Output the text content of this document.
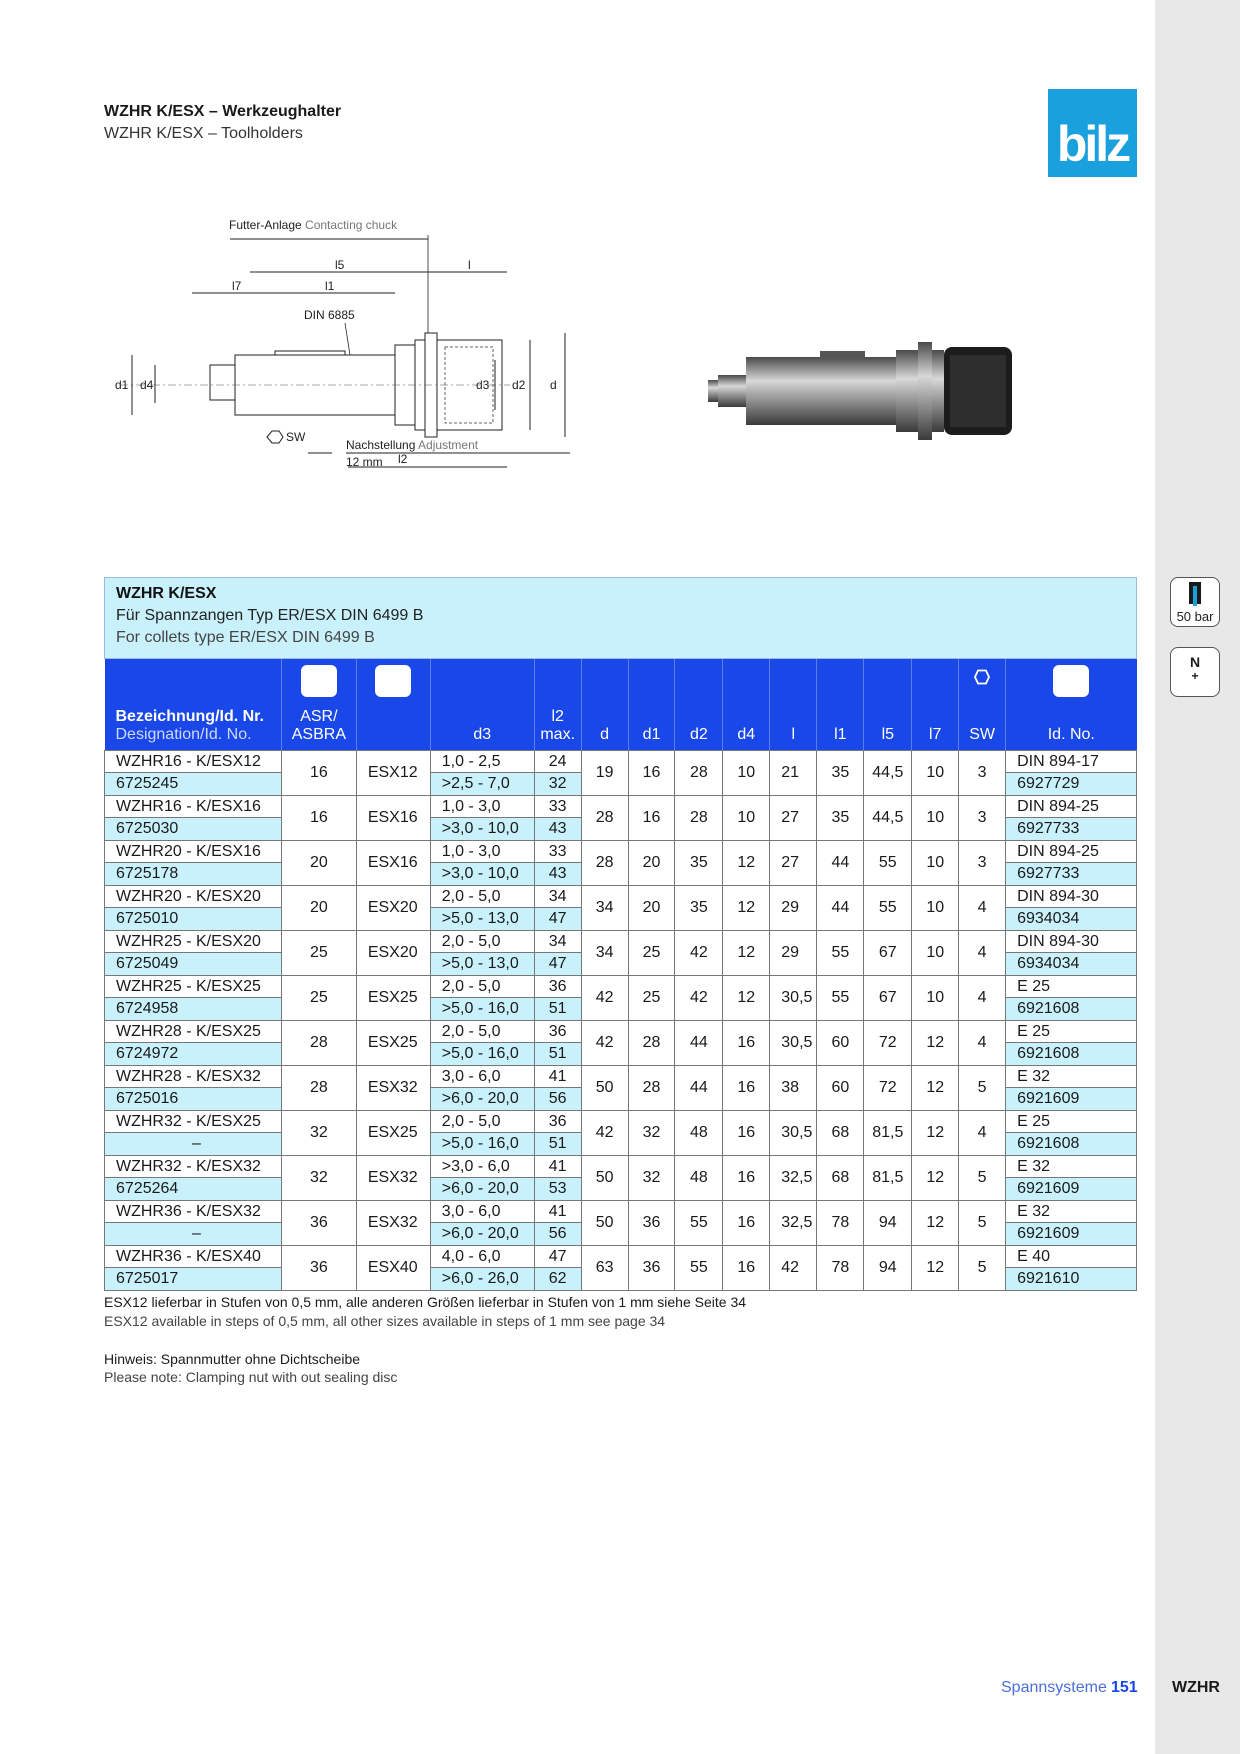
bilz
WZHR K/ESX – Werkzeughalter
WZHR K/ESX – Toolholders
Futter-Anlage Contacting chuck
l5	l
l7	l1
DIN 6885
d1 d4	d3 d2 d
l2
SW
Nachstellung Adjustment
12 mm
50 bar
N
+
WZHR K/ESX
Für Spannzangen Typ ER/ESX DIN 6499 B
For collets type ER/ESX DIN 6499 B
Bezeichnung/Id. Nr.
Designation/Id. No.	ASR/
ASBRA		d3	l2
max.	d	d1	d2	d4	l	l1	l5	l7	SW	Id. No.
WZHR16 - K/ESX12	16	ESX12	1,0 - 2,5	24	19	16	28	10	21	35	44,5	10	3	DIN 894-17
6725245			>2,5 - 7,0	32										6927729
WZHR16 - K/ESX16	16	ESX16	1,0 - 3,0	33	28	16	28	10	27	35	44,5	10	3	DIN 894-25
6725030			>3,0 - 10,0	43										6927733
WZHR20 - K/ESX16	20	ESX16	1,0 - 3,0	33	28	20	35	12	27	44	55	10	3	DIN 894-25
6725178			>3,0 - 10,0	43										6927733
WZHR20 - K/ESX20	20	ESX20	2,0 - 5,0	34	34	20	35	12	29	44	55	10	4	DIN 894-30
6725010			>5,0 - 13,0	47										6934034
WZHR25 - K/ESX20	25	ESX20	2,0 - 5,0	34	34	25	42	12	29	55	67	10	4	DIN 894-30
6725049			>5,0 - 13,0	47										6934034
WZHR25 - K/ESX25	25	ESX25	2,0 - 5,0	36	42	25	42	12	30,5	55	67	10	4	E 25
6724958			>5,0 - 16,0	51										6921608
WZHR28 - K/ESX25	28	ESX25	2,0 - 5,0	36	42	28	44	16	30,5	60	72	12	4	E 25
6724972			>5,0 - 16,0	51										6921608
WZHR28 - K/ESX32	28	ESX32	3,0 - 6,0	41	50	28	44	16	38	60	72	12	5	E 32
6725016			>6,0 - 20,0	56										6921609
WZHR32 - K/ESX25	32	ESX25	2,0 - 5,0	36	42	32	48	16	30,5	68	81,5	12	4	E 25
–			>5,0 - 16,0	51										6921608
WZHR32 - K/ESX32	32	ESX32	>3,0 - 6,0	41	50	32	48	16	32,5	68	81,5	12	5	E 32
6725264			>6,0 - 20,0	53										6921609
WZHR36 - K/ESX32	36	ESX32	3,0 - 6,0	41	50	36	55	16	32,5	78	94	12	5	E 32
–			>6,0 - 20,0	56										6921609
WZHR36 - K/ESX40	36	ESX40	4,0 - 6,0	47	63	36	55	16	42	78	94	12	5	E 40
6725017			>6,0 - 26,0	62										6921610
ESX12 lieferbar in Stufen von 0,5 mm, alle anderen Größen lieferbar in Stufen von 1 mm siehe Seite 34
ESX12 available in steps of 0,5 mm, all other sizes available in steps of 1 mm see page 34
Hinweis: Spannmutter ohne Dichtscheibe
Please note: Clamping nut with out sealing disc
Spannsysteme 151 WZHR
